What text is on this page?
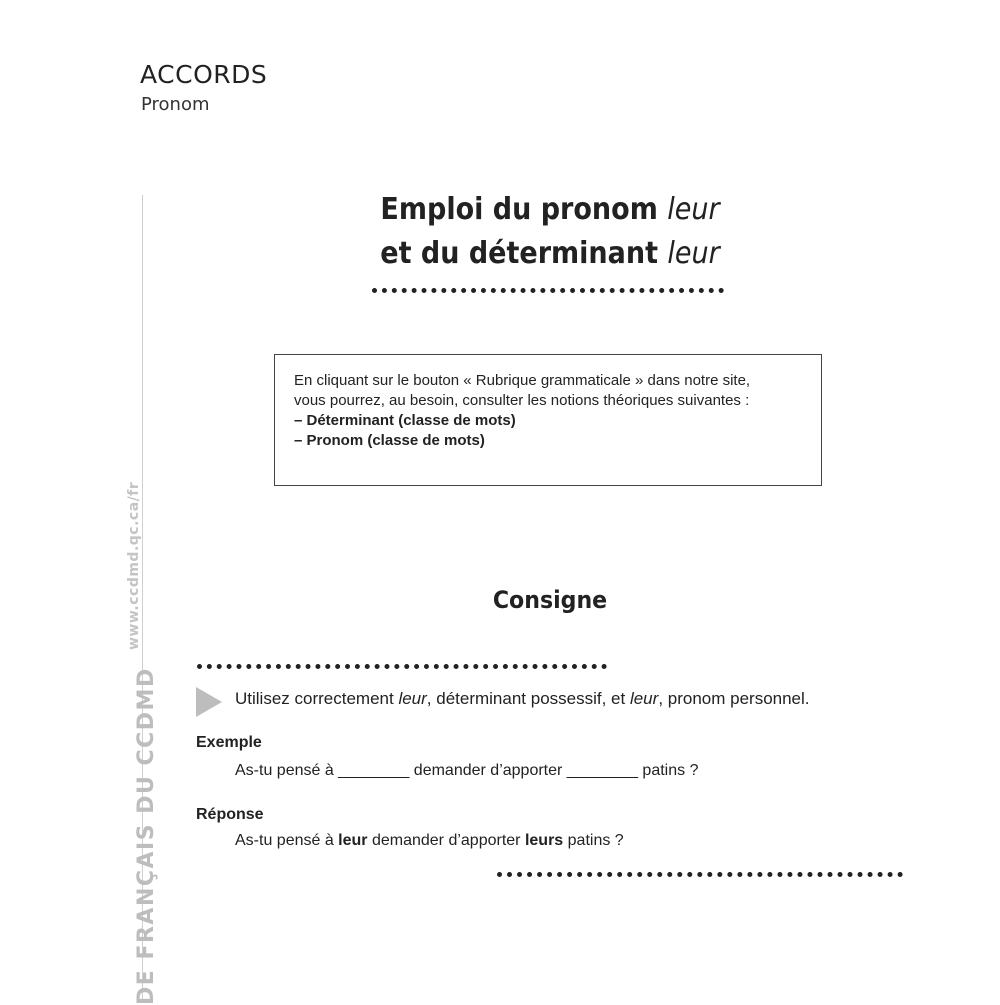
ACCORDS
Pronom
www.ccdmd.qc.ca/fr
DE FRANÇAIS DU CCDMD
Emploi du pronom leur
et du déterminant leur

En cliquant sur le bouton « Rubrique grammaticale » dans notre site,

vous pourrez, au besoin, consulter les notions théoriques suivantes :

– Déterminant (classe de mots)

– Pronom (classe de mots)

Consigne
Utilisez correctement leur, déterminant possessif, et leur, pronom personnel.
Exemple
As-tu pensé à ________ demander d’apporter ________ patins ?
Réponse
As-tu pensé à leur demander d’apporter leurs patins ?
